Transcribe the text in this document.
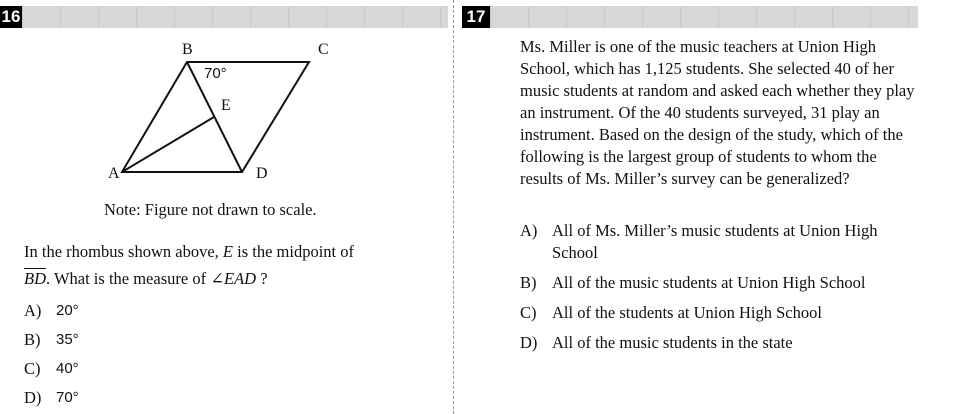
16
B	C
A	D
E
70°
Note: Figure not drawn to scale.
In the rhombus shown above, E is the midpoint of
$\overline{BD}$. What is the measure of ∠EAD ?
A) 20°
B)	35°
C)	40°
D) 70°
17
Ms. Miller is one of the music teachers at Union High School, which has 1,125 students. She selected 40 of her music students at random and asked each whether they play an instrument. Of the 40 students surveyed, 31 play an instrument. Based on the design of the study, which of the following is the largest group of students to whom the results of Ms. Miller’s survey can be generalized?
A) All of Ms. Miller’s music students at Union High School
B) All of the music students at Union High School
C) All of the students at Union High School
D) All of the music students in the state
